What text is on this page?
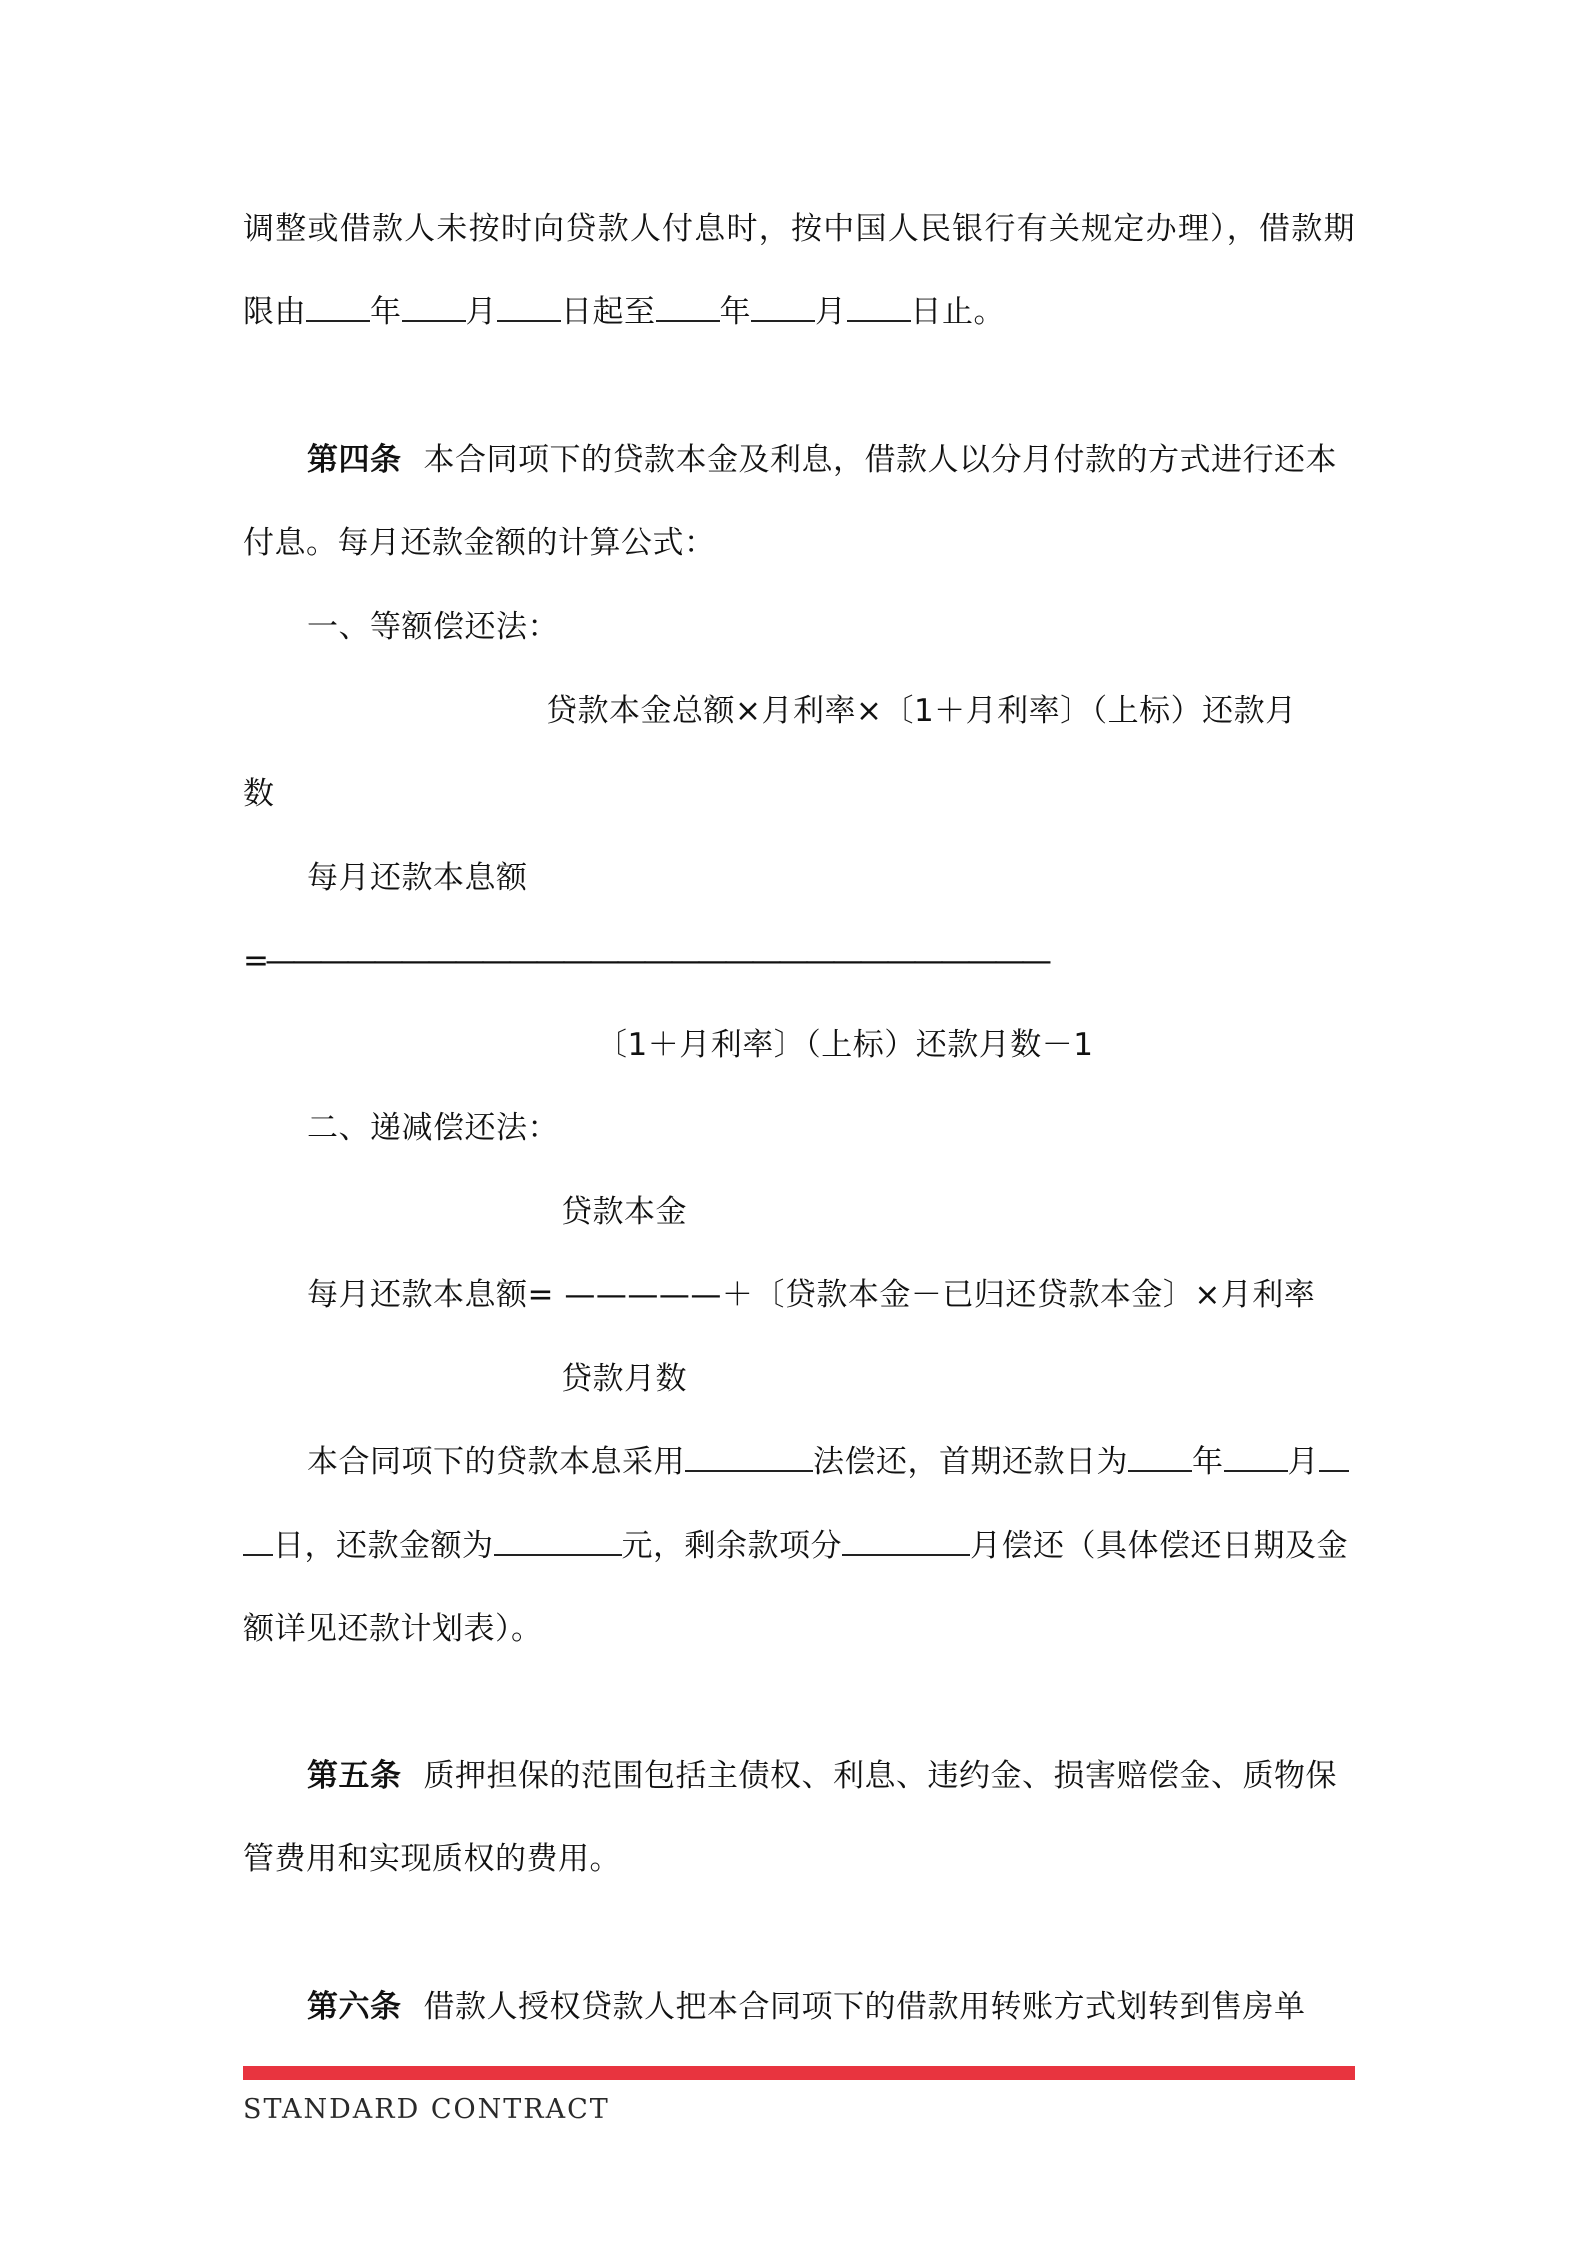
调整或借款人未按时向贷款人付息时，按中国人民银行有关规定办理），借款期
限由 年 月 日起至 年 月 日止。
第四条 本合同项下的贷款本金及利息，借款人以分月付款的方式进行还本
付息。每月还款金额的计算公式：
一、等额偿还法：
贷款本金总额×月利率×〔1＋月利率〕（上标）还款月
数
每月还款本息额
=—————————————————————————————
〔1＋月利率〕（上标）还款月数－1
二、递减偿还法：
贷款本金
每月还款本息额= —————＋〔贷款本金－已归还贷款本金〕×月利率
贷款月数
本合同项下的贷款本息采用	法偿还，首期还款日为 年 月
日，还款金额为	元，剩余款项分	月偿还（具体偿还日期及金
额详见还款计划表）。
第五条 质押担保的范围包括主债权、利息、违约金、损害赔偿金、质物保
管费用和实现质权的费用。
第六条 借款人授权贷款人把本合同项下的借款用转账方式划转到售房单
STANDARD CONTRACT
